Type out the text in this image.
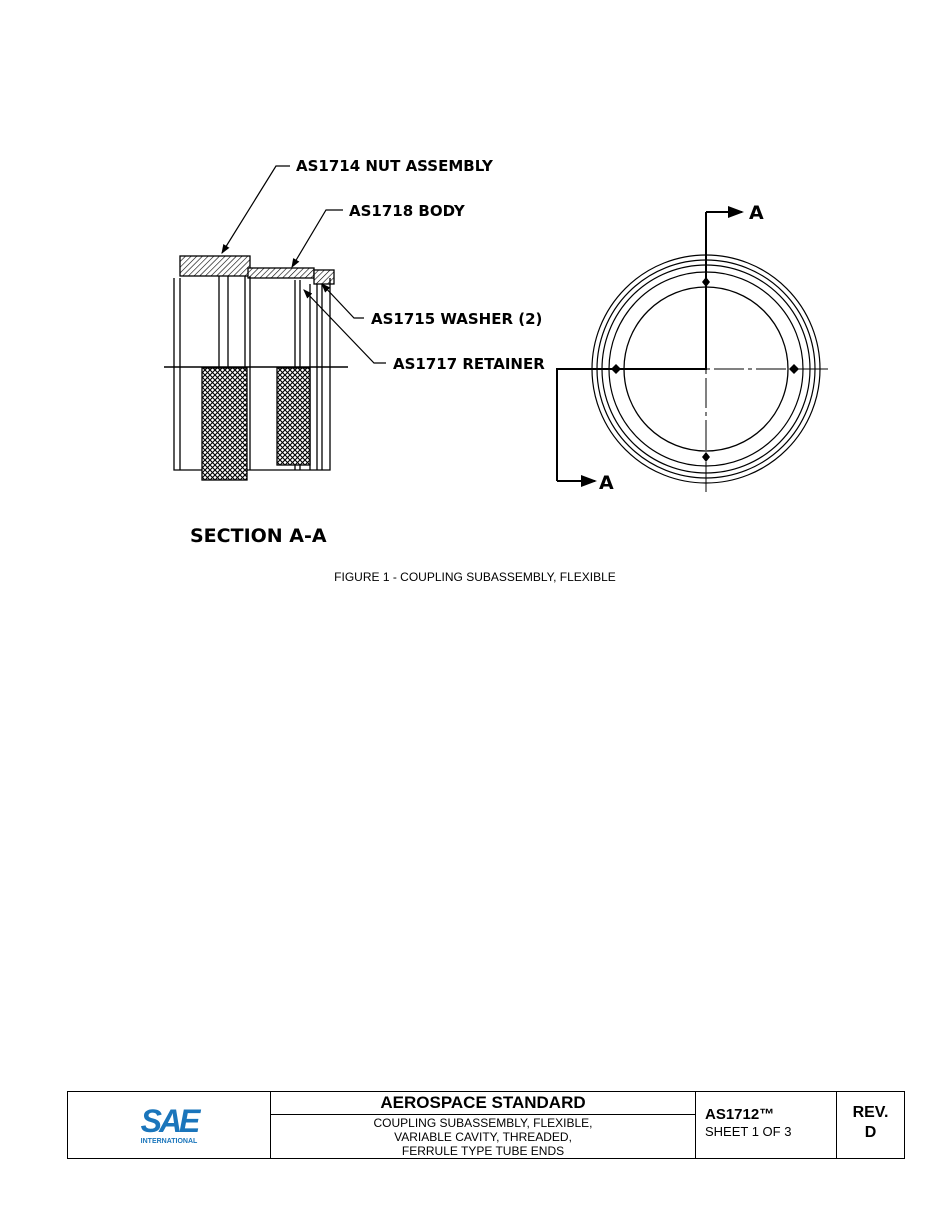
AS1714 NUT ASSEMBLY
AS1718 BODY
AS1715 WASHER (2)
AS1717 RETAINER
SECTION A-A
A
A
FIGURE 1 - COUPLING SUBASSEMBLY, FLEXIBLE
SAE
INTERNATIONAL
AEROSPACE STANDARD
COUPLING SUBASSEMBLY, FLEXIBLE,
VARIABLE CAVITY, THREADED,
FERRULE TYPE TUBE ENDS
AS1712™
SHEET 1 OF 3
REV.
D
